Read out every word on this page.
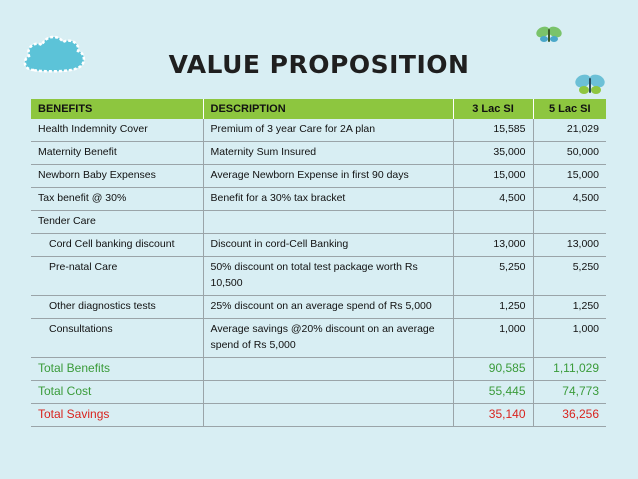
VALUE PROPOSITION
BENEFITS	DESCRIPTION	3 Lac SI	5 Lac SI
Health Indemnity Cover	Premium of 3 year Care for 2A plan	15,585	21,029
Maternity Benefit	Maternity Sum Insured	35,000	50,000
Newborn Baby Expenses	Average Newborn Expense in first 90 days	15,000	15,000
Tax benefit @ 30%	Benefit for a 30% tax bracket	4,500	4,500
Tender Care			
Cord Cell banking discount	Discount in cord-Cell Banking	13,000	13,000
Pre-natal Care	50% discount on total test package worth Rs 10,500	5,250	5,250
Other diagnostics tests	25% discount on an average spend of Rs 5,000	1,250	1,250
Consultations	Average savings @20% discount on an average spend of Rs 5,000	1,000	1,000
Total Benefits		90,585	1,11,029
Total Cost		55,445	74,773
Total Savings		35,140	36,256
